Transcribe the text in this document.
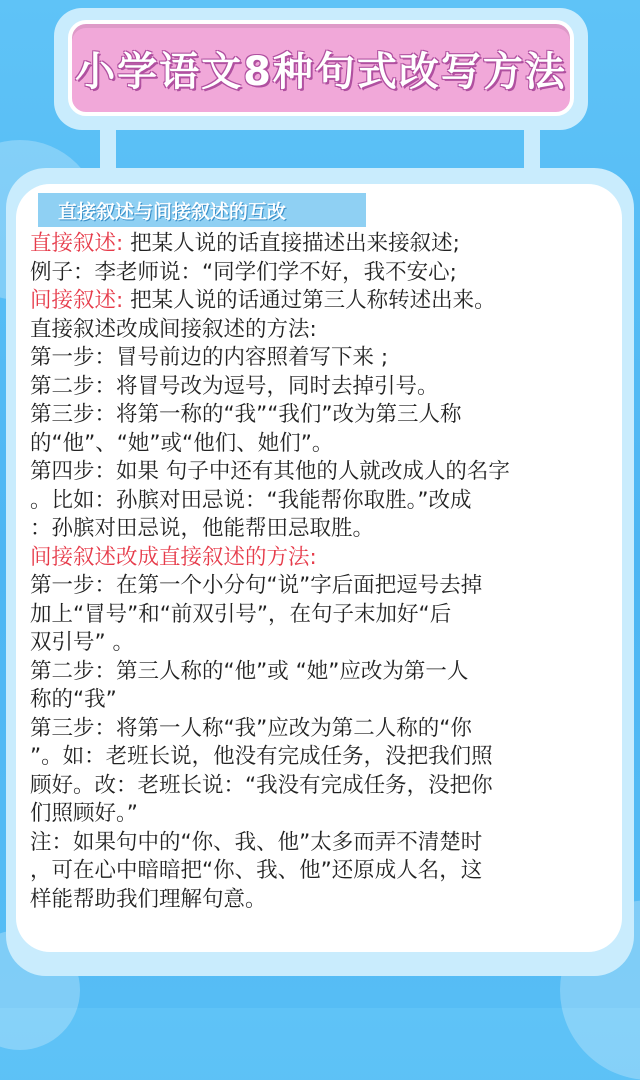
小学语文8种句式改写方法
直接叙述与间接叙述的互改
直接叙述: 把某人说的话直接描述出来接叙述;
例子：李老师说：“同学们学不好，我不安心;
间接叙述: 把某人说的话通过第三人称转述出来。
直接叙述改成间接叙述的方法:
第一步：冒号前边的内容照着写下来 ;
第二步：将冒号改为逗号，同时去掉引号。
第三步：将第一称的“我”“我们”改为第三人称
的“他”、“她”或“他们、她们”。
第四步：如果 句子中还有其他的人就改成人的名字
。比如：孙膑对田忌说：“我能帮你取胜。”改成
：孙膑对田忌说，他能帮田忌取胜。
间接叙述改成直接叙述的方法:
第一步：在第一个小分句“说”字后面把逗号去掉
加上“冒号”和“前双引号”，在句子末加好“后
双引号” 。
第二步：第三人称的“他”或 “她”应改为第一人
称的“我”
第三步：将第一人称“我”应改为第二人称的“你
”。如：老班长说，他没有完成任务，没把我们照
顾好。改：老班长说：“我没有完成任务，没把你
们照顾好。”
注：如果句中的“你、我、他”太多而弄不清楚时
，可在心中暗暗把“你、我、他”还原成人名，这
样能帮助我们理解句意。
